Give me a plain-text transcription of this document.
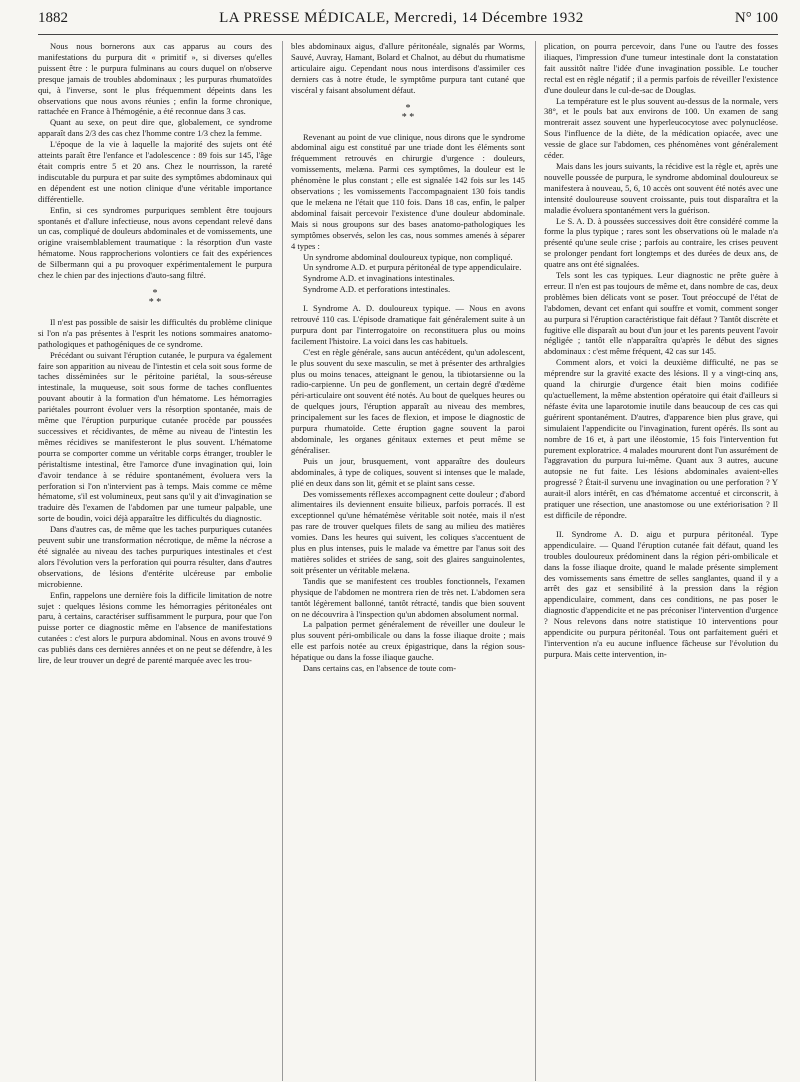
1882	LA PRESSE MÉDICALE, Mercredi, 14 Décembre 1932	N° 100

Nous nous bornerons aux cas apparus au cours des manifestations du purpura dit « primitif », si diverses qu'elles puissent être : le purpura fulminans au cours duquel on n'observe presque jamais de troubles abdominaux ; les purpuras rhumatoïdes qui, à l'inverse, sont le plus fréquemment dépeints dans les observations que nous avons réunies ; enfin la forme chronique, rattachée en France à l'hémogénie, a été reconnue dans 3 cas.

Quant au sexe, on peut dire que, globalement, ce syndrome apparaît dans 2/3 des cas chez l'homme contre 1/3 chez la femme.

L'époque de la vie à laquelle la majorité des sujets ont été atteints paraît être l'enfance et l'adolescence : 89 fois sur 145, l'âge était compris entre 5 et 20 ans. Chez le nourrisson, la rareté indiscutable du purpura et par suite des symptômes abdominaux qui en dépendent est une notion clinique d'une véritable importance différentielle.

Enfin, si ces syndromes purpuriques semblent être toujours spontanés et d'allure infectieuse, nous avons cependant relevé dans un cas, compliqué de douleurs abdominales et de vomissements, une origine vraisemblablement traumatique : la résorption d'un vaste hématome. Nous rapprocherions volontiers ce fait des expériences de Silbermann qui a pu provoquer expérimentalement le purpura chez le chien par des injections d'auto-sang filtré.

*
* *

Il n'est pas possible de saisir les difficultés du problème clinique si l'on n'a pas présentes à l'esprit les notions sommaires anatomo-pathologiques et pathogéniques de ce syndrome.

Précédant ou suivant l'éruption cutanée, le purpura va également faire son apparition au niveau de l'intestin et cela soit sous forme de taches disséminées sur le péritoine pariétal, la sous-séreuse intestinale, la muqueuse, soit sous forme de taches confluentes pouvant aboutir à la formation d'un hématome. Les hémorragies pariétales pourront évoluer vers la résorption spontanée, mais de même que l'éruption purpurique cutanée procède par poussées successives et récidivantes, de même au niveau de l'intestin les mêmes récidives se manifesteront le plus souvent. L'hématome pourra se comporter comme un véritable corps étranger, troubler le péristaltisme intestinal, être l'amorce d'une invagination qui, loin d'avoir tendance à se réduire spontanément, évoluera vers la perforation si l'on n'intervient pas à temps. Mais comme ce même hématome, s'il est volumineux, peut sans qu'il y ait d'invagination se traduire dès l'examen de l'abdomen par une tumeur palpable, une sorte de boudin, voici déjà apparaître les difficultés du diagnostic.

Dans d'autres cas, de même que les taches purpuriques cutanées peuvent subir une transformation nécrotique, de même la nécrose a été signalée au niveau des taches purpuriques intestinales et c'est alors l'évolution vers la perforation qui pourra résulter, dans d'autres observations, de lésions d'entérite ulcéreuse par embolie microbienne.

Enfin, rappelons une dernière fois la difficile limitation de notre sujet : quelques lésions comme les hémorragies péritonéales ont paru, à certains, caractériser suffisamment le purpura, pour que l'on puisse porter ce diagnostic même en l'absence de manifestations cutanées : c'est alors le purpura abdominal. Nous en avons trouvé 9 cas publiés dans ces dernières années et on ne peut se défendre, à les lire, de leur trouver un degré de parenté marquée avec les trou-

bles abdominaux aigus, d'allure péritonéale, signalés par Worms, Sauvé, Auvray, Hamant, Bolard et Chalnot, au début du rhumatisme articulaire aigu. Cependant nous nous interdisons d'assimiler ces derniers cas à notre étude, le symptôme purpura tant cutané que viscéral y faisant absolument défaut.

*
* *

Revenant au point de vue clinique, nous dirons que le syndrome abdominal aigu est constitué par une triade dont les éléments sont fréquemment retrouvés en chirurgie d'urgence : douleurs, vomissements, melæna. Parmi ces symptômes, la douleur est le phénomène le plus constant ; elle est signalée 142 fois sur les 145 observations ; les vomissements l'accompagnaient 130 fois tandis que le melæna ne l'était que 110 fois. Dans 18 cas, enfin, le palper abdominal faisait percevoir l'existence d'une douleur abdominale. Mais si nous groupons sur des bases anatomo-pathologiques les symptômes observés, selon les cas, nous sommes amenés à séparer 4 types :

Un syndrome abdominal douloureux typique, non compliqué.

Un syndrome A.D. et purpura péritonéal de type appendiculaire.

Syndrome A.D. et invaginations intestinales.

Syndrome A.D. et perforations intestinales.

I. Syndrome A. D. douloureux typique. — Nous en avons retrouvé 110 cas. L'épisode dramatique fait généralement suite à un purpura dont par l'interrogatoire on reconstituera plus ou moins facilement l'histoire. La voici dans les cas habituels.

C'est en règle générale, sans aucun antécédent, qu'un adolescent, le plus souvent du sexe masculin, se met à présenter des arthralgies plus ou moins tenaces, atteignant le genou, la tibiotarsienne ou la radio-carpienne. Un peu de gonflement, un certain degré d'œdème péri-articulaire ont souvent été notés. Au bout de quelques heures ou de quelques jours, l'éruption apparaît au niveau des membres, principalement sur les faces de flexion, et impose le diagnostic de purpura rhumatoïde. Cette éruption gagne souvent la paroi abdominale, les organes génitaux externes et peut même se généraliser.

Puis un jour, brusquement, vont apparaître des douleurs abdominales, à type de coliques, souvent si intenses que le malade, plié en deux dans son lit, gémit et se plaint sans cesse.

Des vomissements réflexes accompagnent cette douleur ; d'abord alimentaires ils deviennent ensuite bilieux, parfois porracés. Il est exceptionnel qu'une hématémèse véritable soit notée, mais il n'est pas rare de trouver quelques filets de sang au milieu des matières vomies. Dans les heures qui suivent, les coliques s'accentuent de plus en plus intenses, puis le malade va émettre par l'anus soit des matières solides et striées de sang, soit des glaires sanguinolentes, soit présenter un véritable melæna.

Tandis que se manifestent ces troubles fonctionnels, l'examen physique de l'abdomen ne montrera rien de très net. L'abdomen sera tantôt légèrement ballonné, tantôt rétracté, tandis que bien souvent on ne découvrira à l'inspection qu'un abdomen absolument normal.

La palpation permet généralement de réveiller une douleur le plus souvent péri-ombilicale ou dans la fosse iliaque droite ; mais elle est parfois notée au creux épigastrique, dans la région sous-hépatique ou dans la fosse iliaque gauche.

Dans certains cas, en l'absence de toute com-

plication, on pourra percevoir, dans l'une ou l'autre des fosses iliaques, l'impression d'une tumeur intestinale dont la constatation fait aussitôt naître l'idée d'une invagination possible. Le toucher rectal est en règle négatif ; il a permis parfois de réveiller l'existence d'une douleur dans le cul-de-sac de Douglas.

La température est le plus souvent au-dessus de la normale, vers 38°, et le pouls bat aux environs de 100. Un examen de sang montrerait assez souvent une hyperleucocytose avec polynucléose. Sous l'influence de la diète, de la médication opiacée, avec une vessie de glace sur l'abdomen, ces phénomènes vont généralement céder.

Mais dans les jours suivants, la récidive est la règle et, après une nouvelle poussée de purpura, le syndrome abdominal douloureux se manifestera à nouveau, 5, 6, 10 accès ont souvent été notés avec une intensité douloureuse souvent croissante, puis tout disparaîtra et la maladie évoluera spontanément vers la guérison.

Le S. A. D. à poussées successives doit être considéré comme la forme la plus typique ; rares sont les observations où le malade n'a présenté qu'une seule crise ; parfois au contraire, les crises peuvent se prolonger pendant fort longtemps et des durées de deux ans, de quatre ans ont été signalées.

Tels sont les cas typiques. Leur diagnostic ne prête guère à erreur. Il n'en est pas toujours de même et, dans nombre de cas, deux problèmes bien délicats vont se poser. Tout préoccupé de l'état de l'abdomen, devant cet enfant qui souffre et vomit, comment songer au purpura si l'éruption caractéristique fait défaut ? Tantôt discrète et fugitive elle disparaît au bout d'un jour et les parents peuvent l'avoir négligée ; tantôt elle n'apparaîtra qu'après le début des signes abdominaux : c'est même fréquent, 42 cas sur 145.

Comment alors, et voici la deuxième difficulté, ne pas se méprendre sur la gravité exacte des lésions. Il y a vingt-cinq ans, quand la chirurgie d'urgence était bien moins codifiée qu'actuellement, la même abstention opératoire qui était d'ailleurs si néfaste évita une laparotomie inutile dans beaucoup de ces cas qui guérirent spontanément. D'autres, d'apparence bien plus grave, qui simulaient l'appendicite ou l'invagination, furent opérés. Ils sont au nombre de 16 et, à part une iléostomie, 15 fois l'intervention fut purement exploratrice. 4 malades moururent dont l'un assurément de l'aggravation du purpura lui-même. Quant aux 3 autres, aucune autopsie ne fut faite. Les lésions abdominales avaient-elles progressé ? Était-il survenu une invagination ou une perforation ? Y aurait-il alors intérêt, en cas d'hématome accentué et circonscrit, à pratiquer une résection, une anastomose ou une extériorisation ? Il est difficile de répondre.

II. Syndrome A. D. aigu et purpura péritonéal. Type appendiculaire. — Quand l'éruption cutanée fait défaut, quand les troubles douloureux prédominent dans la région péri-ombilicale et dans la fosse iliaque droite, quand le malade présente simplement des vomissements sans émettre de selles sanglantes, quand il y a arrêt des gaz et sensibilité à la pression dans la région appendiculaire, comment, dans ces conditions, ne pas poser le diagnostic d'appendicite et ne pas préconiser l'intervention d'urgence ? Nous relevons dans notre statistique 10 interventions pour appendicite ou purpura péritonéal. Tous ont parfaitement guéri et l'intervention n'a eu aucune influence fâcheuse sur l'évolution du purpura. Mais cette intervention, in-
